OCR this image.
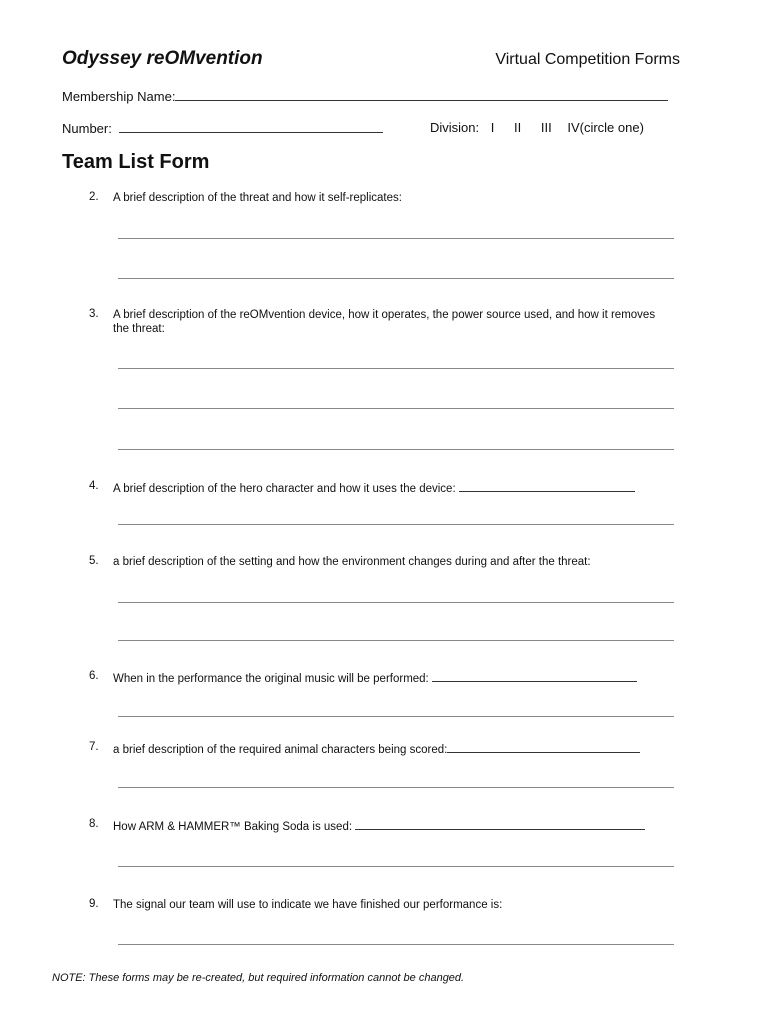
Odyssey reOMvention	Virtual Competition Forms
Membership Name:
Number:	Division: I II III IV(circle one)
Team List Form
2. A brief description of the threat and how it self-replicates:
3. A brief description of the reOMvention device, how it operates, the power source used, and how it removes the threat:
4. A brief description of the hero character and how it uses the device:
5. a brief description of the setting and how the environment changes during and after the threat:
6. When in the performance the original music will be performed:
7. a brief description of the required animal characters being scored:
8. How ARM & HAMMER™ Baking Soda is used:
9. The signal our team will use to indicate we have finished our performance is:
NOTE: These forms may be re-created, but required information cannot be changed.
